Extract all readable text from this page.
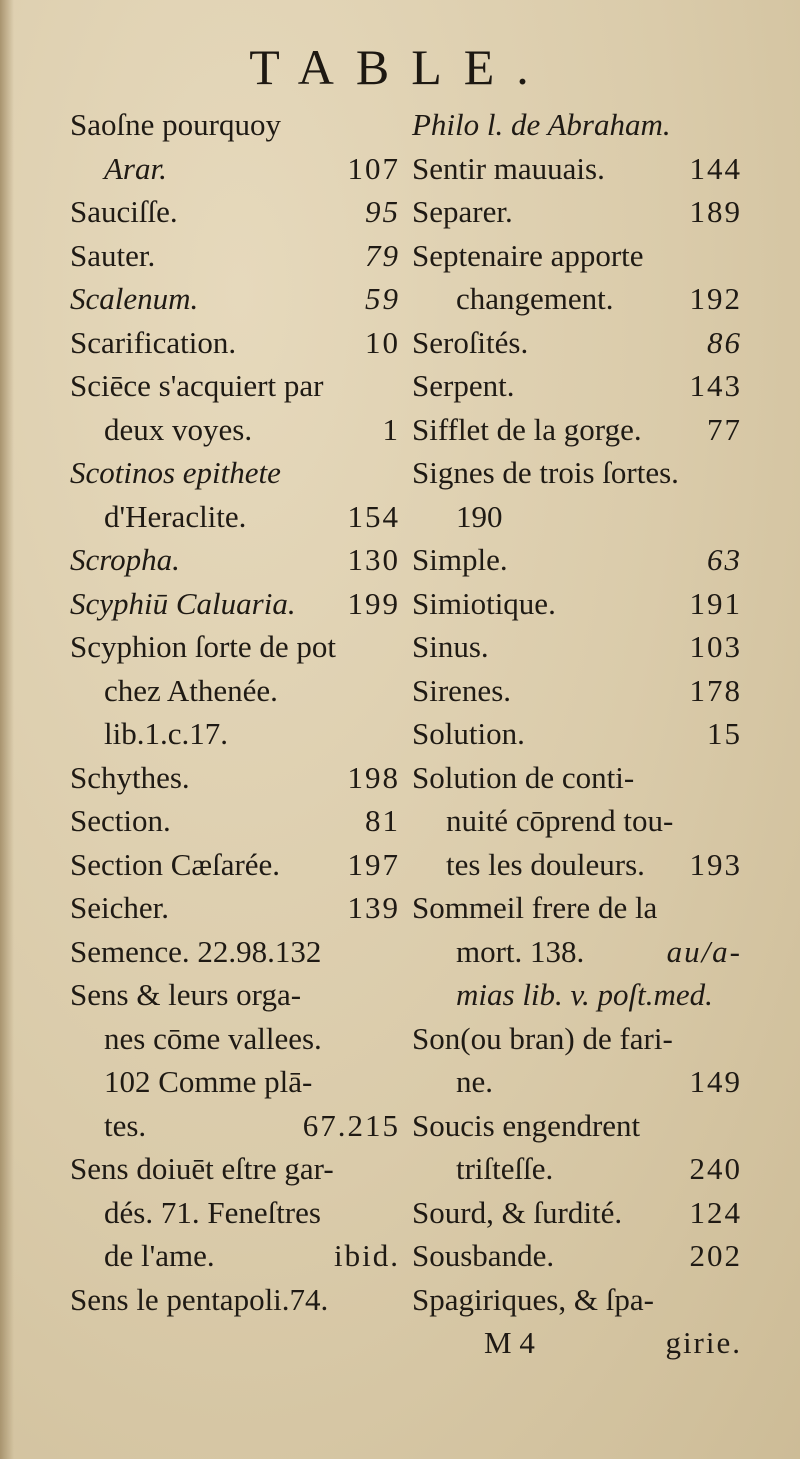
TABLE.
Saoſne pourquoy
Arar.	107
Sauciſſe.	95
Sauter.	79
Scalenum.	59
Scarification.	10
Sciēce s'acquiert par
deux voyes.	1
Scotinos epithete
d'Heraclite.	154
Scropha.	130
Scyphiū Caluaria. 199
Scyphion ſorte de pot
chez Athenée.
lib.1.c.17.
Schythes.	198
Section.	81
Section Cæſarée. 197
Seicher.	139
Semence. 22.98.132
Sens & leurs orga-
nes cōme vallees.
102 Comme plā-
tes.	67.215
Sens doiuēt eſtre gar-
dés. 71. Feneſtres
de l'ame.	ibid.
Sens le pentapoli.74.
Philo l. de Abraham.
Sentir mauuais.	144
Separer.	189
Septenaire apporte
changement. 192
Seroſités.	86
Serpent.	143
Sifflet de la gorge. 77
Signes de trois ſortes.
190
Simple.	63
Simiotique.	191
Sinus.	103
Sirenes.	178
Solution.	15
Solution de conti-
nuité cōprend tou-
tes les douleurs. 193
Sommeil frere de la
mort. 138.	au/a-
mias lib. v. poſt.med.
Son(ou bran) de fari-
ne.	149
Soucis engendrent
triſteſſe.	240
Sourd, & ſurdité. 124
Sousbande.	202
Spagiriques, & ſpa-
M 4	girie.
